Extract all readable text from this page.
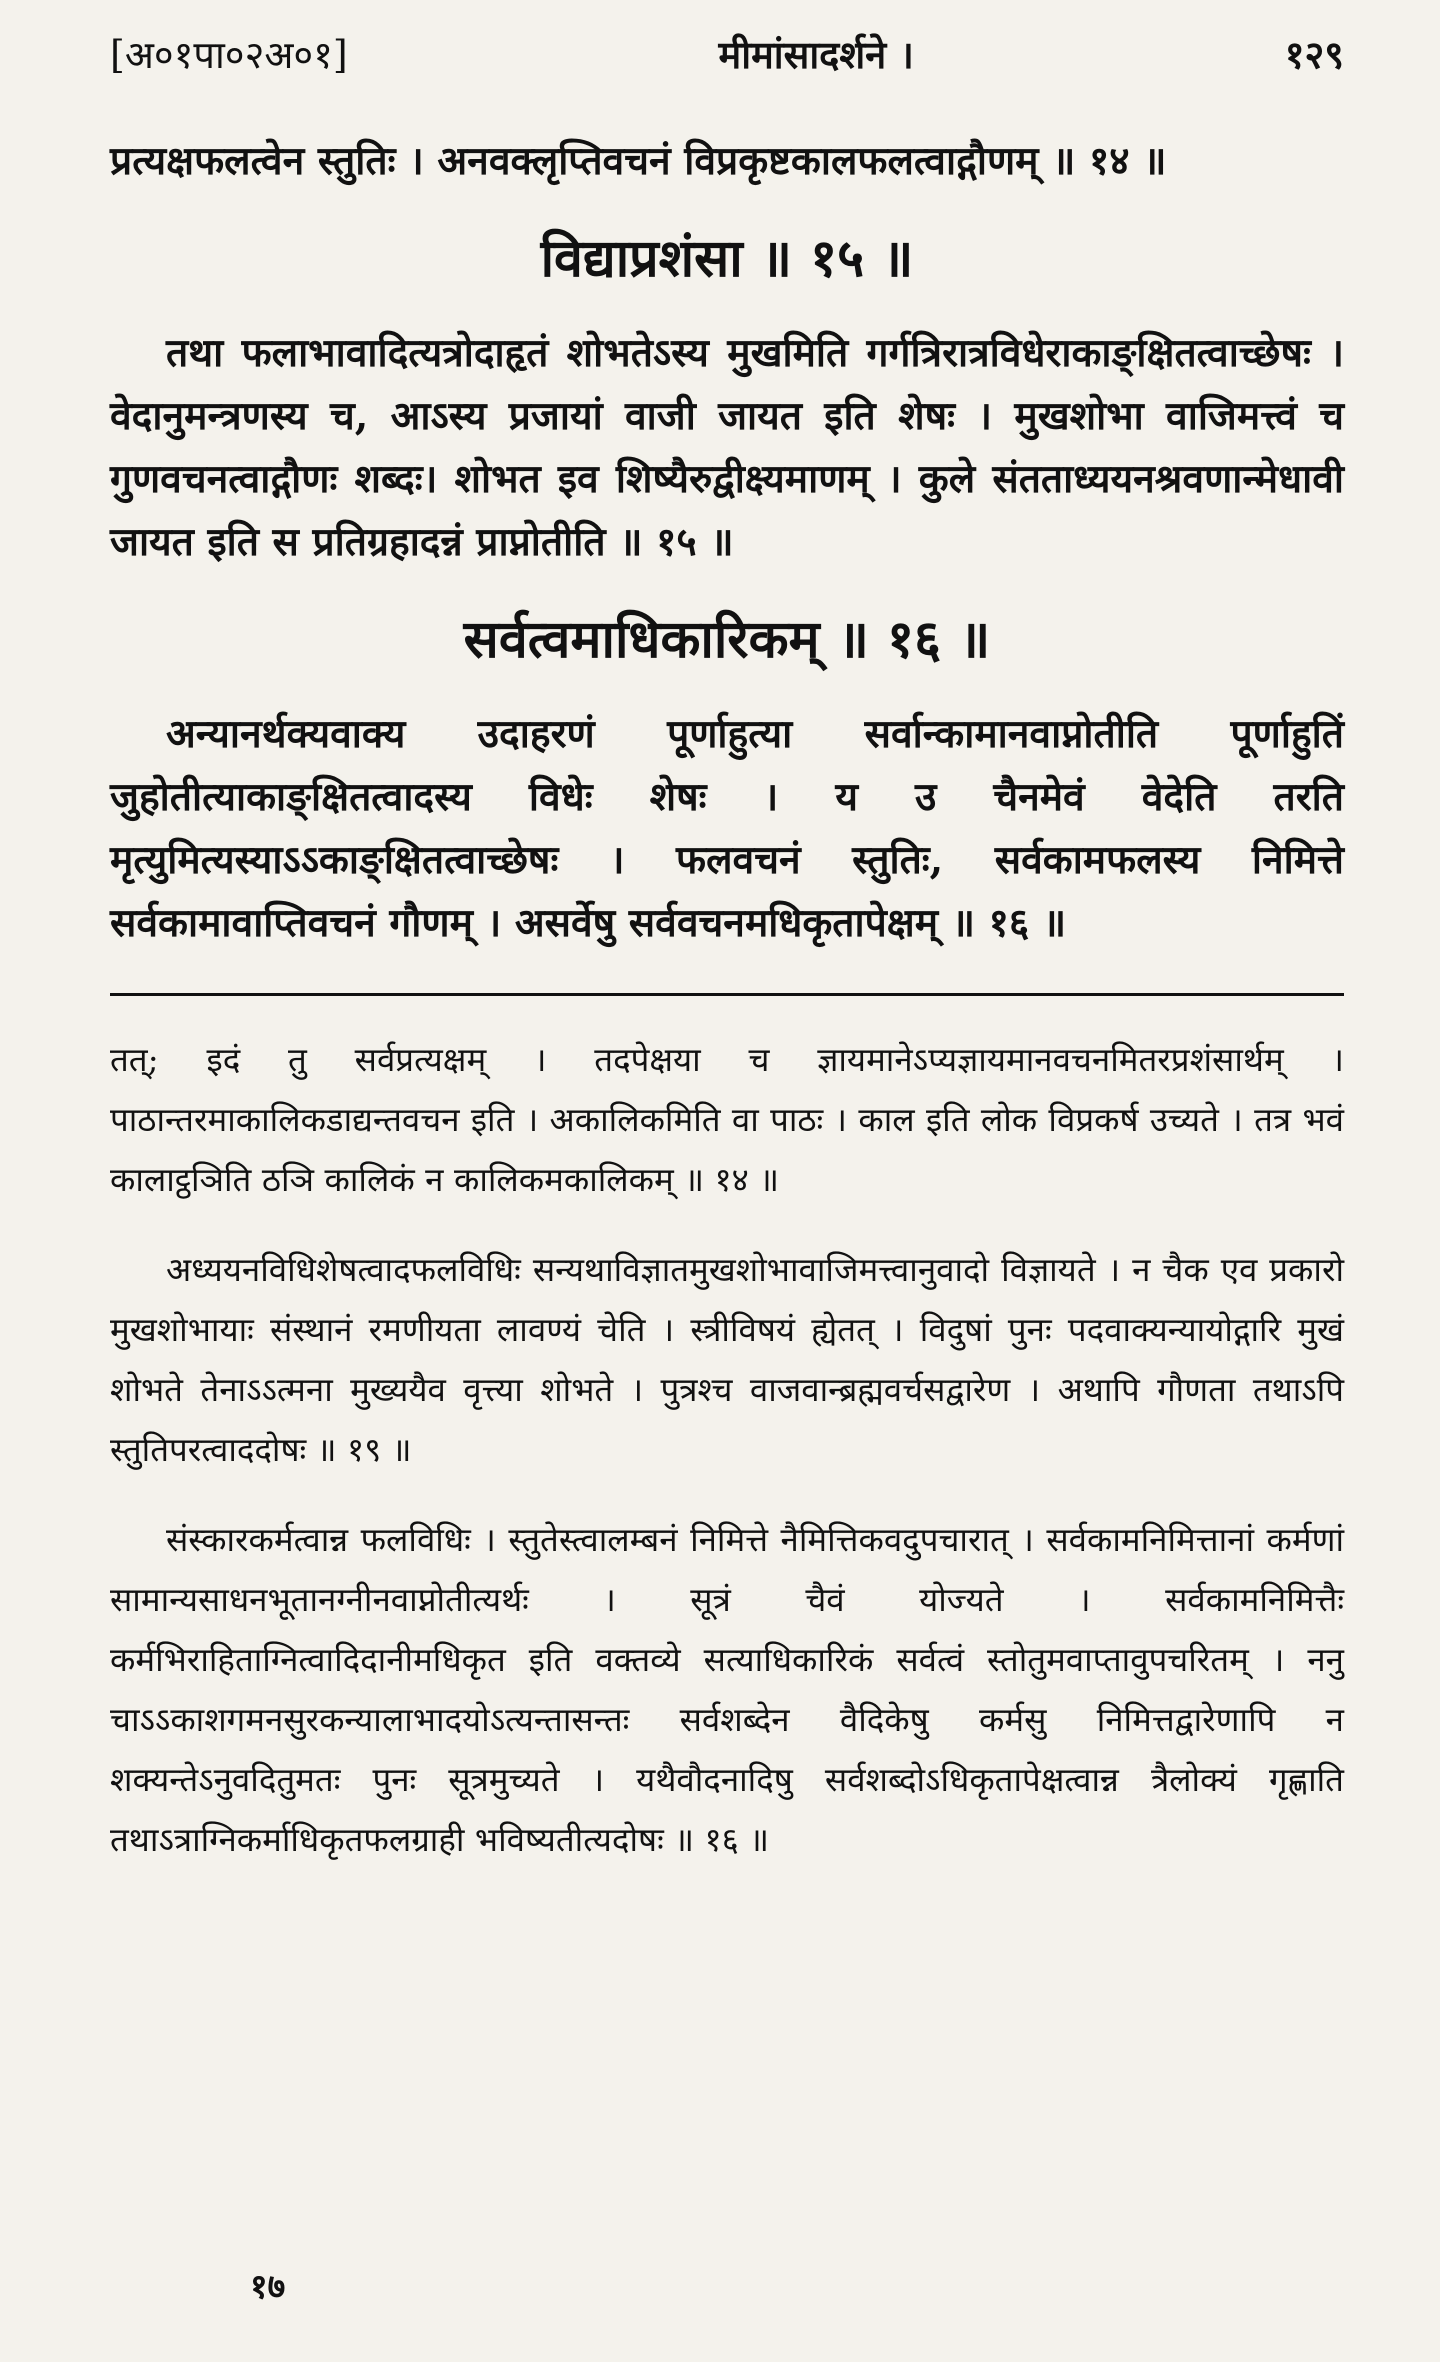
[अ०१पा०२अ०१]	मीमांसादर्शने ।	१२९

प्रत्यक्षफलत्वेन स्तुतिः । अनवक्लृप्तिवचनं विप्रकृष्टकालफलत्वाद्गौणम् ॥ १४ ॥

विद्याप्रशंसा ॥ १५ ॥

तथा फलाभावादित्यत्रोदाहृतं शोभतेऽस्य मुखमिति गर्गत्रिरात्रविधेराकाङ्क्षितत्वाच्छेषः । वेदानुमन्त्रणस्य च, आऽस्य प्रजायां वाजी जायत इति शेषः । मुखशोभा वाजिमत्त्वं च गुणवचनत्वाद्गौणः शब्दः। शोभत इव शिष्यैरुद्वीक्ष्यमाणम् । कुले संतताध्ययनश्रवणान्मेधावी जायत इति स प्रतिग्रहादन्नं प्राप्नोतीति ॥ १५ ॥

सर्वत्वमाधिकारिकम् ॥ १६ ॥

अन्यानर्थक्यवाक्य उदाहरणं पूर्णाहुत्या सर्वान्कामानवाप्नोतीति पूर्णाहुतिं जुहोतीत्याकाङ्क्षितत्वादस्य विधेः शेषः । य उ चैनमेवं वेदेति तरति मृत्युमित्यस्याऽऽकाङ्क्षितत्वाच्छेषः । फलवचनं स्तुतिः, सर्वकामफलस्य निमित्ते सर्वकामावाप्तिवचनं गौणम् । असर्वेषु सर्ववचनमधिकृतापेक्षम् ॥ १६ ॥

तत्; इदं तु सर्वप्रत्यक्षम् । तदपेक्षया च ज्ञायमानेऽप्यज्ञायमानवचनमितरप्रशंसार्थम् । पाठान्तरमाकालिकडाद्यन्तवचन इति । अकालिकमिति वा पाठः । काल इति लोक विप्रकर्ष उच्यते । तत्र भवं कालाट्ठञिति ठञि कालिकं न कालिकमकालिकम् ॥ १४ ॥

अध्ययनविधिशेषत्वादफलविधिः सन्यथाविज्ञातमुखशोभावाजिमत्त्वानुवादो विज्ञायते । न चैक एव प्रकारो मुखशोभायाः संस्थानं रमणीयता लावण्यं चेति । स्त्रीविषयं ह्येतत् । विदुषां पुनः पदवाक्यन्यायोद्गारि मुखं शोभते तेनाऽऽत्मना मुख्ययैव वृत्त्या शोभते । पुत्रश्च वाजवान्ब्रह्मवर्चसद्वारेण । अथापि गौणता तथाऽपि स्तुतिपरत्वाददोषः ॥ १९ ॥

संस्कारकर्मत्वान्न फलविधिः । स्तुतेस्त्वालम्बनं निमित्ते नैमित्तिकवदुपचारात् । सर्वकामनिमित्तानां कर्मणां सामान्यसाधनभूतानग्नीनवाप्नोतीत्यर्थः । सूत्रं चैवं योज्यते । सर्वकामनिमित्तैः कर्मभिराहिताग्नित्वादिदानीमधिकृत इति वक्तव्ये सत्याधिकारिकं सर्वत्वं स्तोतुमवाप्तावुपचरितम् । ननु चाऽऽकाशगमनसुरकन्यालाभादयोऽत्यन्तासन्तः सर्वशब्देन वैदिकेषु कर्मसु निमित्तद्वारेणापि न शक्यन्तेऽनुवदितुमतः पुनः सूत्रमुच्यते । यथैवौदनादिषु सर्वशब्दोऽधिकृतापेक्षत्वान्न त्रैलोक्यं गृह्णाति तथाऽत्राग्निकर्माधिकृतफलग्राही भविष्यतीत्यदोषः ॥ १६ ॥

१७
